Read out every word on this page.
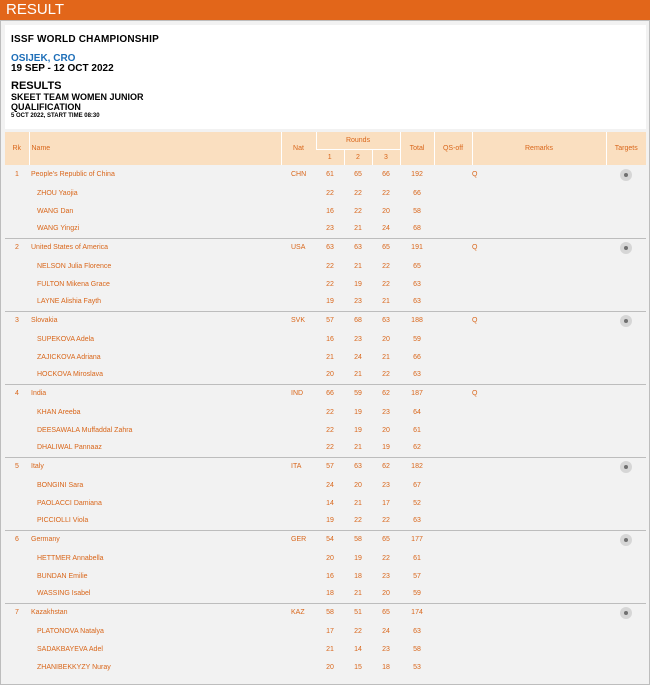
RESULT
ISSF WORLD CHAMPIONSHIP
OSIJEK, CRO
19 SEP - 12 OCT 2022
RESULTS
SKEET TEAM WOMEN JUNIOR
QUALIFICATION
5 OCT 2022, START TIME 08:30
Rk	Name	Nat	Rounds			Total	QS-off	Remarks	Targets
			1	2	3				
1	People's Republic of China	CHN	61	65	66	192		Q	
	ZHOU Yaojia		22	22	22	66			
	WANG Dan		16	22	20	58			
	WANG Yingzi		23	21	24	68			
2	United States of America	USA	63	63	65	191		Q	
	NELSON Julia Florence		22	21	22	65			
	FULTON Mikena Grace		22	19	22	63			
	LAYNE Alishia Fayth		19	23	21	63			
3	Slovakia	SVK	57	68	63	188		Q	
	SUPEKOVA Adela		16	23	20	59			
	ZAJICKOVA Adriana		21	24	21	66			
	HOCKOVA Miroslava		20	21	22	63			
4	India	IND	66	59	62	187		Q	
	KHAN Areeba		22	19	23	64			
	DEESAWALA Muffaddal Zahra		22	19	20	61			
	DHALIWAL Pannaaz		22	21	19	62			
5	Italy	ITA	57	63	62	182			
	BONGINI Sara		24	20	23	67			
	PAOLACCI Damiana		14	21	17	52			
	PICCIOLLI Viola		19	22	22	63			
6	Germany	GER	54	58	65	177			
	HETTMER Annabella		20	19	22	61			
	BUNDAN Emilie		16	18	23	57			
	WASSING Isabel		18	21	20	59			
7	Kazakhstan	KAZ	58	51	65	174			
	PLATONOVA Natalya		17	22	24	63			
	SADAKBAYEVA Adel		21	14	23	58			
	ZHANIBEKKYZY Nuray		20	15	18	53			
